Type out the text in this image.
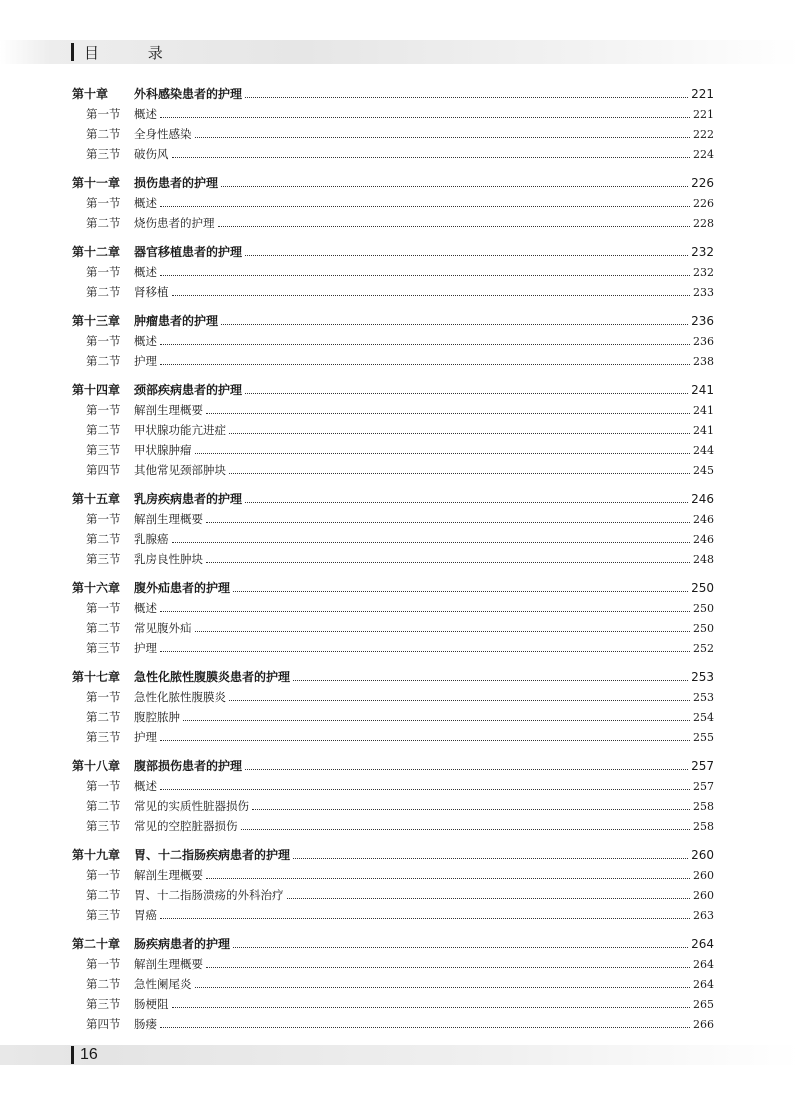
目 录
第十章	外科感染患者的护理	221
第一节	概述	221
第二节	全身性感染	222
第三节	破伤风	224
第十一章	损伤患者的护理	226
第一节	概述	226
第二节	烧伤患者的护理	228
第十二章	器官移植患者的护理	232
第一节	概述	232
第二节	肾移植	233
第十三章	肿瘤患者的护理	236
第一节	概述	236
第二节	护理	238
第十四章	颈部疾病患者的护理	241
第一节	解剖生理概要	241
第二节	甲状腺功能亢进症	241
第三节	甲状腺肿瘤	244
第四节	其他常见颈部肿块	245
第十五章	乳房疾病患者的护理	246
第一节	解剖生理概要	246
第二节	乳腺癌	246
第三节	乳房良性肿块	248
第十六章	腹外疝患者的护理	250
第一节	概述	250
第二节	常见腹外疝	250
第三节	护理	252
第十七章	急性化脓性腹膜炎患者的护理	253
第一节	急性化脓性腹膜炎	253
第二节	腹腔脓肿	254
第三节	护理	255
第十八章	腹部损伤患者的护理	257
第一节	概述	257
第二节	常见的实质性脏器损伤	258
第三节	常见的空腔脏器损伤	258
第十九章	胃、十二指肠疾病患者的护理	260
第一节	解剖生理概要	260
第二节	胃、十二指肠溃疡的外科治疗	260
第三节	胃癌	263
第二十章	肠疾病患者的护理	264
第一节	解剖生理概要	264
第二节	急性阑尾炎	264
第三节	肠梗阻	265
第四节	肠瘘	266
16
